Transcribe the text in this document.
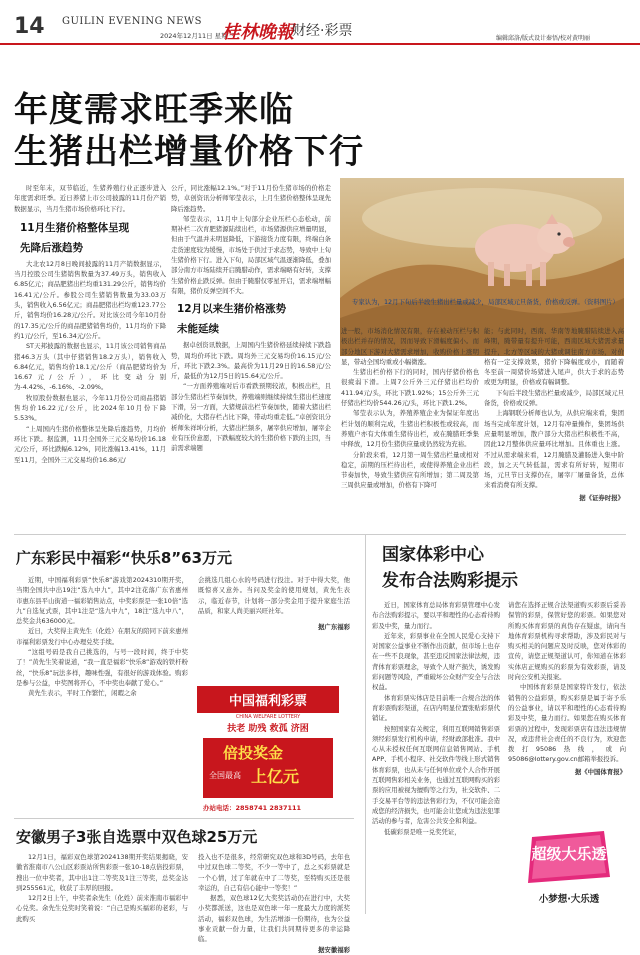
14 GUILIN EVENING NEWS
2024年12月11日 星期三
桂林晚報
财经·彩票	编辑邱洛/版式设计秦悟/校对黄明丽
年度需求旺季来临
生猪出栏增量价格下行
时至年末，双节临近，生猪养殖行业正逐步进入年度需求旺季。近日养猪上市公司披露的11月份产销数据显示，当月生猪市场价格环比下行。
11月生猪价格整体呈现
先降后涨趋势
大北农12月8日晚间披露的11月产销数据显示，当月控股公司生猪销售数量为37.49万头，销售收入6.85亿元；商品肥猪出栏均重131.29公斤，销售均价16.41元/公斤。参股公司生猪销售数量为33.03万头，销售收入6.56亿元；商品肥猪出栏均重123.77公斤，销售均价16.28元/公斤。对比该公司今年10月份的17.35元/公斤的商品肥猪销售均价，11月均价下降约1元/公斤，至16.34元/公斤。
ST天邦披露的数据也显示，11月该公司销售商品猪46.3万头（其中仔猪销售18.2万头），销售收入6.84亿元，销售均价18.1元/公斤（商品肥猪均价为16.67元/公斤），环比变动分别为-4.42%、-6.16%、-2.09%。
牧原股份数据也显示，今年11月份公司商品猪销售均价16.22元/公斤，比2024年10月份下降5.53%。
“上周国内生猪价格整体呈先降后涨趋势，月均价环比下跌。据监测，11月全国外三元交易均价16.18元/公斤，环比跌幅6.12%，同比涨幅13.41%，11月至11月，全国外三元交易均价16.86元/
公斤，同比涨幅12.1%。”对于11月份生猪市场的价格走势，卓创资讯分析师邹莹表示，上月生猪价格整体呈现先降后涨趋势。
邹莹表示，11月中上旬部分企业压栏心态松动，前期补栏二次育肥猪源陆续出栏，市场猪源供应增量明显，但由于气温并未明显降低，下游接货力度有限，终端白条走货速度较为缓慢，市场处于供过于求态势，导致中上旬生猪价格下行。进入下旬，局部区域气温逐渐降低，叠加部分南方市场陆续开启腌腊动作，需求端略有好转，支撑生猪价格止跌反弹。但由于腌腊仅零星开启，需求端增幅有限，猪价反弹空间不大。
12月以来生猪价格涨势
未能延续
据卓创资讯数据，上周国内生猪价格延续持续下跌趋势，周均价环比下跌。周均外三元交易均价16.15元/公斤，环比下跌2.3%。最高价为11月29日的16.58元/公斤，最低价为12月5日的15.64元/公斤。
“一方面养殖端对后市看跌预期较浓，积极出栏，且部分生猪出栏节奏加快，养殖端则继续持续生猪出栏速度下滑，另一方面，大猪规前出栏节奏加快，随着大猪出栏减价化，大猪存栏占比下降，带动均重走低。”卓创资讯分析师朱祥坤分析，大猪出栏频多，屠宰供应增加，屠宰企业有压价意愿，下跌幅度较大的生猪价格下跌的主因，当前需求端题
专家认为，12月下旬后半段生猪出栏量或减少，局部区域元旦备货，价格或反弹。（资料图片）
进一般，市场消化情况有限，存在被动压栏与积极出栏并存的情况，因而导致下滑幅度偏小。而部分地区下游对大猪需求增加，收购价格上涨明显，带动全国均重或小幅微涨。
生猪出栏价格下行的同时，国内仔猪价格也很疲弱下滑。上周7公斤外三元仔猪出栏均价411.94元/头，环比下跌1.92%；15公斤外三元仔猪出栏均价544.26元/头，环比下跌1.2%。
邹莹表示认为，养殖养殖企业为保证年度出栏计划的顺利完成，生猪出栏积极性或较高，而养殖户亦有大体重生猪待出栏，或在腌腊旺季集中释放，12月份生猪供应量或仍然较为充裕。
分阶段来看，12月第一周生猪出栏量或相对稳定，前期的压栏待出栏，或使得养殖企业出栏节奏加快，导致生猪供应有所增加；第二周及第三周供应量或增加，价格有下降可
能；与此同时，西南、华南等地腌腊陆续进入高峰期，腌带量有提升可能，西南区域大猪需求量提升，北方等区域的大猪或调往南方市场，对价格有一定支撑效果，猪价下降幅度或小，而随着冬至前一周猪价场猪进入尾声，供大于求的态势或更为明显，价格或有幅调整。
下旬后半段生猪出栏量或减少，局部区域元旦备货，价格或反弹。
上海钢联分析师也认为，从供应端来看，集团场当完成年度计划，12月有冲量操作，集团场供应量明显增加，散户部分大猪出栏积极性不高，因此12月整体供应量环比增加。且体重也上涨。不过从需求端来看，12月腌腊及灌肠进入集中阶段，加之天气转低温，需求有所好转，短期市场，元旦节日支撑仍在，屠宰厂屠量备货，总体来看消费有所支撑。
据《证券时报》
广东彩民中福彩“快乐8”63万元
近期，中国福利彩票“快乐8”游戏第2024310期开奖，当期全国共中出19注“选九中九”，其中2注花落广东省惠州市惠东县平山街道一福彩销售站点，中奖彩票是一张10倍“选九”自选复式票，其中1注是“选九中九”，18注“选九中八”，总奖金共636000元。
近日，大奖得主黄先生（化姓）在朋友的陪同下前来惠州市福利彩票发行中心办理兑奖手续。
“这组号码是我自己挑选的，与号一段时间，终于中奖了！”黄先生笑着说道，“我一直是福彩“快乐8”游戏的铁杆粉丝，“快乐8”玩法多样，趣味性强，有很好的游戏体验。购彩是参与公益，中奖图将开心，不中奖也奉献了爱心。”
黄先生表示，平时工作繁忙，闲暇之余
会挑选几组心水的号码进行投注。对于中得大奖，他既惊喜又意外。当问及奖金的使用规划，黄先生表示，临近春节，计划将一部分奖金用于提升家庭生活品质，和家人尚美丽兴旺社年。
据广东福彩
中国福利彩票
CHINA WELFARE LOTTERY
扶老 助残 救孤 济困
倍投奖金
全国最高 上亿元
办站电话：2858741 2837111
安徽男子3张自选票中双色球25万元
12月1日，福彩双色球第2024138期开奖结果揭晓，安徽省淮南市八公山区彩票站所售彩票一张10-18点倍投彩票，搜出一位中奖者，其中出1注二等奖及1注三等奖，总奖金达到255561元，收获了丰厚的回报。
12月2日上午，中奖者余先生（化姓）前来淮南市福彩中心兑奖。余先生兑奖时笑着说：“自己是购买福彩的老彩，与此购买
投入也不是很多，经常研究双色球和3D号码，去年也中过双色球二等奖，不少一等中了，总之买彩票就是一个心情，过了年就在中了二等奖，至特购买还是很幸运的，自己有信心能中一等奖！”
据悉，双色球12亿大奖奖活动仍在进行中，大奖小奖都派送，这也是双色球一年一度最大力度的派奖活动，福彩双色球，为生活增添一份期待，也为公益事业贡献一份力量，让我们共同期待更多的幸运降临。
据安徽福彩
国家体彩中心
发布合法购彩提示
近日，国家体育总局体育彩票管理中心发布合法购彩提示，要以平和理性的心态看待购彩及中奖，量力而行。
近年来，彩票事业在全国人民爱心支持下对国家公益事业不断作出贡献，但市场上也存在一些不良现象，甚至违反国家法律法规，违背体育彩票理念，导致个人财产损失，诱发购彩问题等风险，严重破坏公众财产安全与合法权益。
体育彩票实体店是目前唯一合规合法的体育彩票购彩渠道，在店内明显位置张贴彩票代销证。
按照国家有关规定，利用互联网销售彩票须经彩票发行机构申请，经财政部批准。我中心从未授权任何互联网信息销售网站、手机APP、手机小程序、社交软件等线上形式销售体育彩票，也从未与任何单位或个人合作开展互联网售彩相关业务，也通过互联网购买的彩票的应用被视为擅购等之行为，社交软件、二手交易平台等的违法售彩行为，不仅可能会造成您的经济损失，也可能会让您成为违法犯罪活动的参与者，危害公共安全和利益。
低碳彩票是唯一兑奖凭证，
请您在选择正规合法渠道购买彩票后妥善保管的彩票，保管好您的彩票。如果您对所购买体育彩票的真伪存在疑虑，请向当地体育彩票机构寻求帮助，涉及彩民对与购买相关的问题应及时反映，您对体彩的宣传，请您正规渠道认可，你知道在体彩实体店正规购买的彩票为有效彩票，请及时向公安机关报案。
中国体育彩票是国家特许发行，依法销售的公益彩票，购买彩票是属于寄予乐的公益事业，请以平和理性的心态看待购彩及中奖，量力而行。如果您在购买体育彩票的过程中，发现彩票店有违法违规情况，或违背社会责任的不良行为，欢迎您拨打95086热线，或向95086@lottery.gov.cn邮箱举报投诉。
据《中国体育报》
超级大乐透
小梦想·大乐透
